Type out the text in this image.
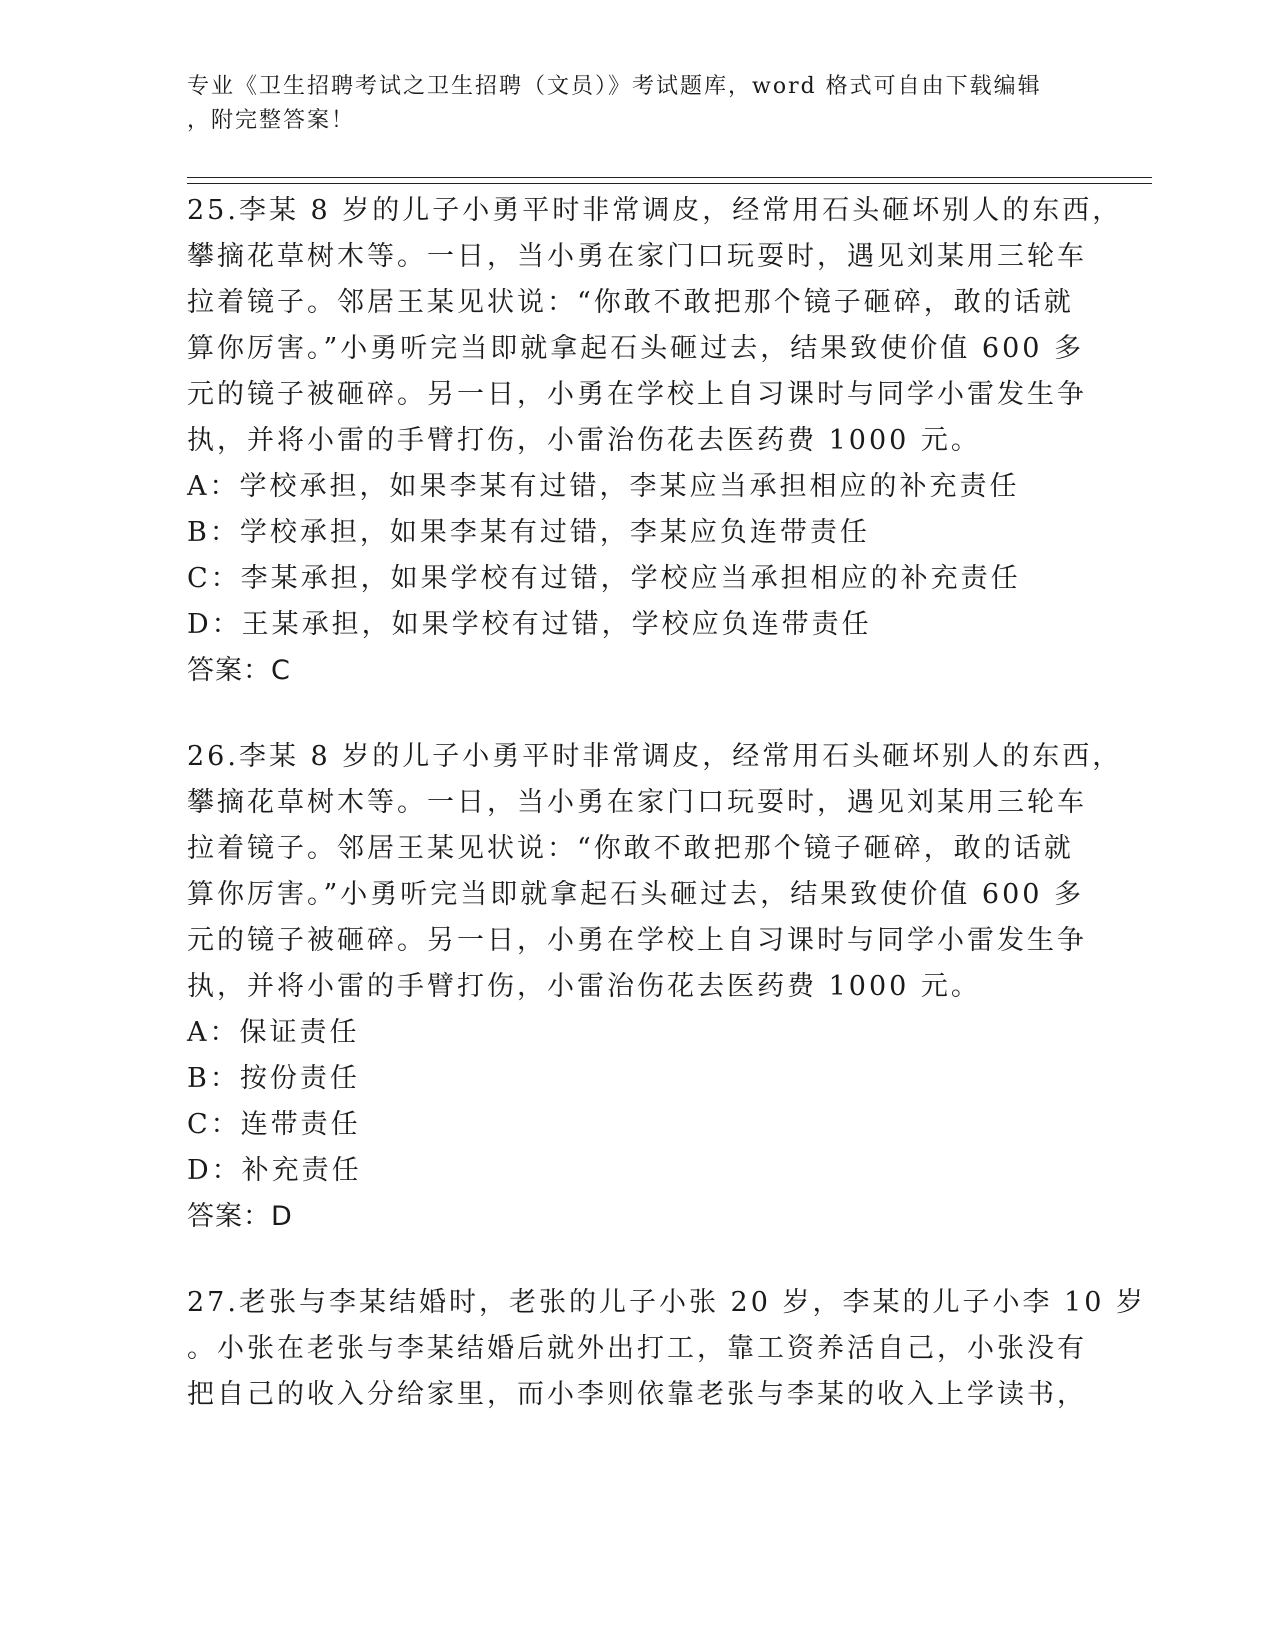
专业《卫生招聘考试之卫生招聘（文员）》考试题库，word 格式可自由下载编辑
，附完整答案！
25.李某 8 岁的儿子小勇平时非常调皮，经常用石头砸坏别人的东西，
攀摘花草树木等。一日，当小勇在家门口玩耍时，遇见刘某用三轮车
拉着镜子。邻居王某见状说：“你敢不敢把那个镜子砸碎，敢的话就
算你厉害。”小勇听完当即就拿起石头砸过去，结果致使价值 600 多
元的镜子被砸碎。另一日，小勇在学校上自习课时与同学小雷发生争
执，并将小雷的手臂打伤，小雷治伤花去医药费 1000 元。
A：学校承担，如果李某有过错，李某应当承担相应的补充责任
B：学校承担，如果李某有过错，李某应负连带责任
C：李某承担，如果学校有过错，学校应当承担相应的补充责任
D：王某承担，如果学校有过错，学校应负连带责任
答案：C
26.李某 8 岁的儿子小勇平时非常调皮，经常用石头砸坏别人的东西，
攀摘花草树木等。一日，当小勇在家门口玩耍时，遇见刘某用三轮车
拉着镜子。邻居王某见状说：“你敢不敢把那个镜子砸碎，敢的话就
算你厉害。”小勇听完当即就拿起石头砸过去，结果致使价值 600 多
元的镜子被砸碎。另一日，小勇在学校上自习课时与同学小雷发生争
执，并将小雷的手臂打伤，小雷治伤花去医药费 1000 元。
A：保证责任
B：按份责任
C：连带责任
D：补充责任
答案：D
27.老张与李某结婚时，老张的儿子小张 20 岁，李某的儿子小李 10 岁
。小张在老张与李某结婚后就外出打工，靠工资养活自己，小张没有
把自己的收入分给家里，而小李则依靠老张与李某的收入上学读书，
